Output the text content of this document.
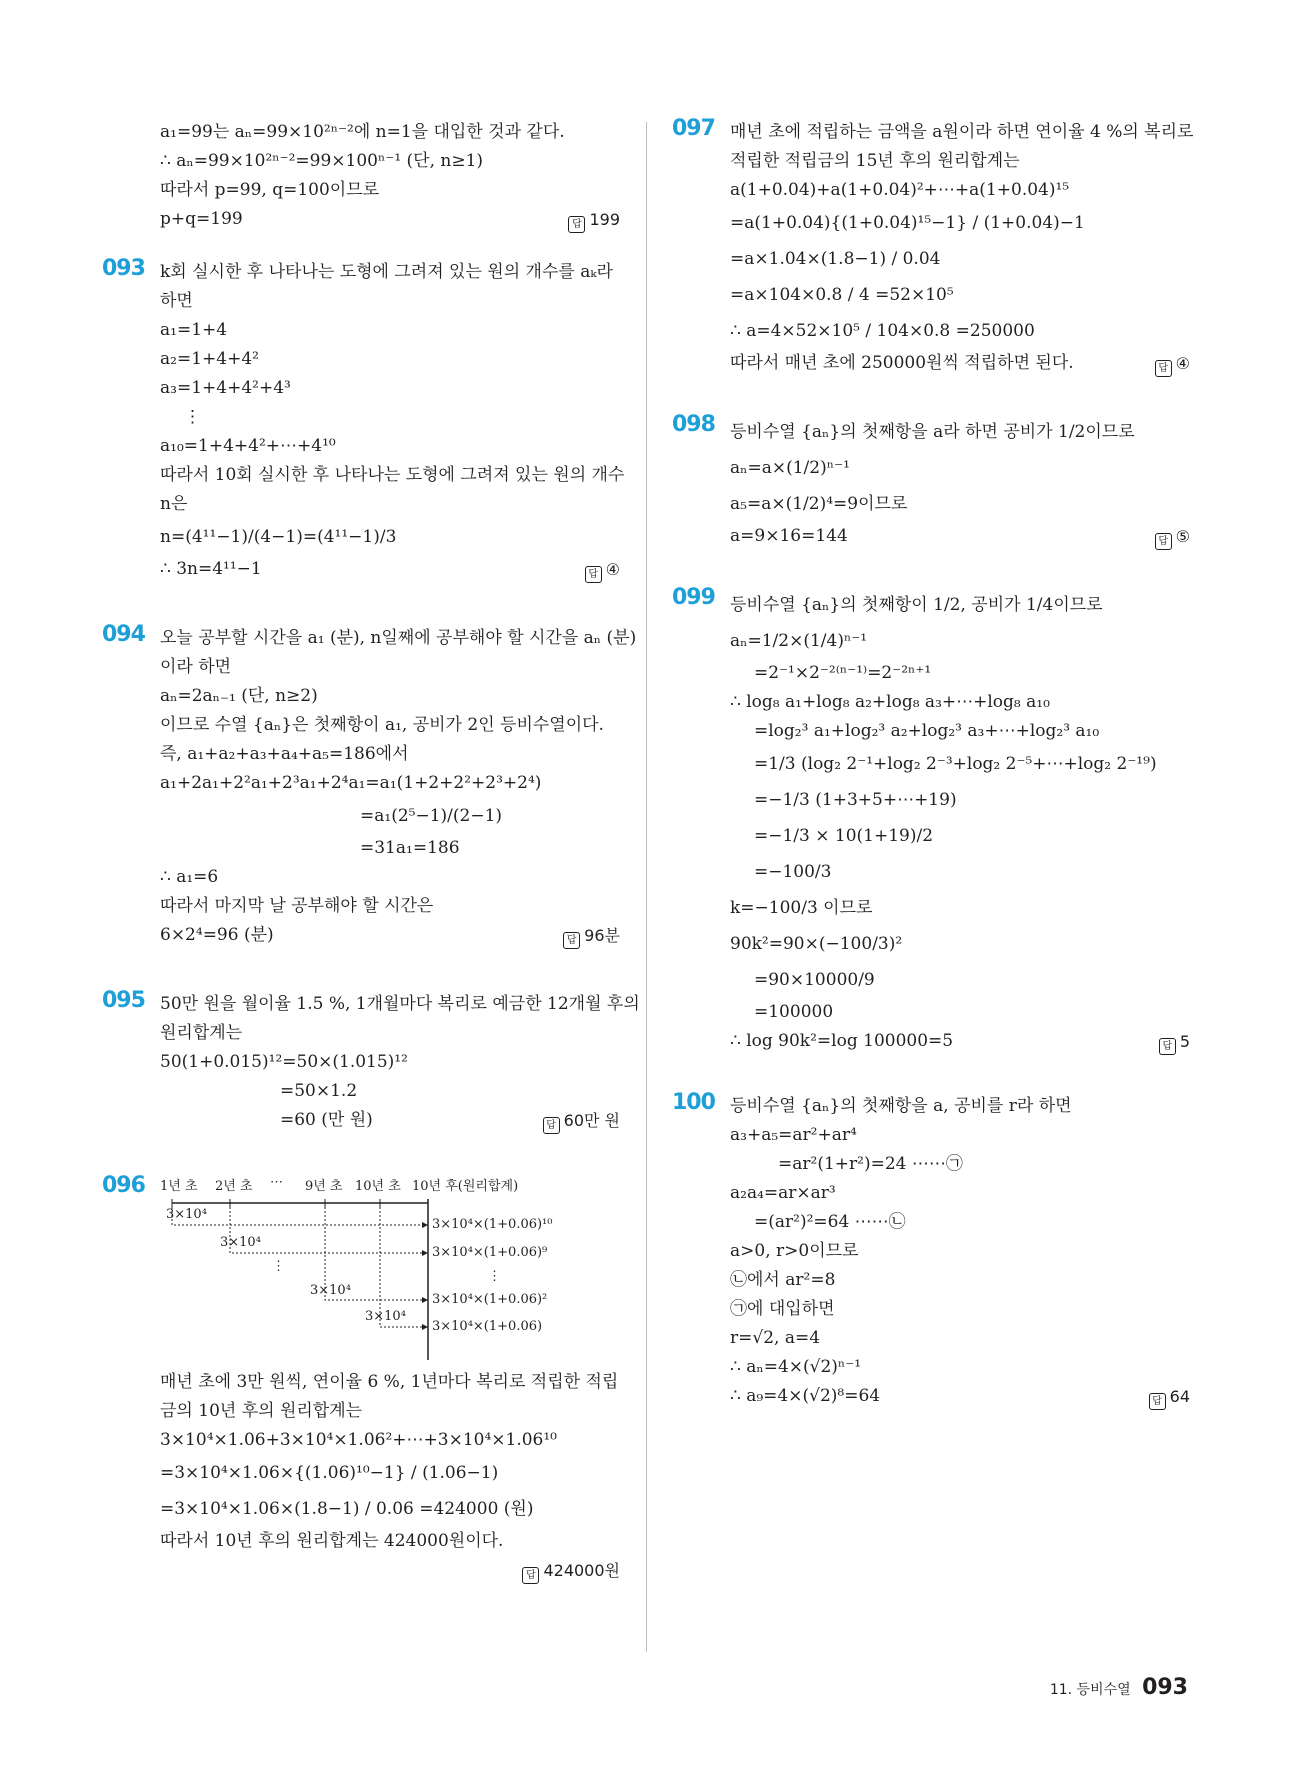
a₁=99는 aₙ=99×10²ⁿ⁻²에 n=1을 대입한 것과 같다.
∴ aₙ=99×10²ⁿ⁻²=99×100ⁿ⁻¹ (단, n≥1)
따라서 p=99, q=100이므로
p+q=199	답 199
093 k회 실시한 후 나타나는 도형에 그려져 있는 원의 개수를 aₖ라
하면
a₁=1+4
a₂=1+4+4²
a₃=1+4+4²+4³
⋮
a₁₀=1+4+4²+⋯+4¹⁰
따라서 10회 실시한 후 나타나는 도형에 그려져 있는 원의 개수
n은
n=(4¹¹−1)/(4−1)=(4¹¹−1)/3
∴ 3n=4¹¹−1	답 ④
094 오늘 공부할 시간을 a₁ (분), n일째에 공부해야 할 시간을 aₙ (분)
이라 하면
aₙ=2aₙ₋₁ (단, n≥2)
이므로 수열 {aₙ}은 첫째항이 a₁, 공비가 2인 등비수열이다.
즉, a₁+a₂+a₃+a₄+a₅=186에서
a₁+2a₁+2²a₁+2³a₁+2⁴a₁=a₁(1+2+2²+2³+2⁴)
=a₁(2⁵−1)/(2−1)
=31a₁=186
∴ a₁=6
따라서 마지막 날 공부해야 할 시간은
6×2⁴=96 (분)	답 96분
095 50만 원을 월이율 1.5 %, 1개월마다 복리로 예금한 12개월 후의
원리합계는
50(1+0.015)¹²=50×(1.015)¹²
=50×1.2
=60 (만 원)	답 60만 원
096 1년 초 2년 초 ⋯ 9년 초 10년 초 10년 후(원리합계)
3×10⁴
3×10⁴
⋮
3×10⁴
3×10⁴
3×10⁴×(1+0.06)¹⁰
3×10⁴×(1+0.06)⁹
⋮
3×10⁴×(1+0.06)²
3×10⁴×(1+0.06)
매년 초에 3만 원씩, 연이율 6 %, 1년마다 복리로 적립한 적립
금의 10년 후의 원리합계는
3×10⁴×1.06+3×10⁴×1.06²+⋯+3×10⁴×1.06¹⁰
=3×10⁴×1.06×{(1.06)¹⁰−1} / (1.06−1)
=3×10⁴×1.06×(1.8−1) / 0.06 =424000 (원)
따라서 10년 후의 원리합계는 424000원이다.
답 424000원
097 매년 초에 적립하는 금액을 a원이라 하면 연이율 4 %의 복리로
적립한 적립금의 15년 후의 원리합계는
a(1+0.04)+a(1+0.04)²+⋯+a(1+0.04)¹⁵
=a(1+0.04){(1+0.04)¹⁵−1} / (1+0.04)−1
=a×1.04×(1.8−1) / 0.04
=a×104×0.8 / 4 =52×10⁵
∴ a=4×52×10⁵ / 104×0.8 =250000
따라서 매년 초에 250000원씩 적립하면 된다.	답 ④
098 등비수열 {aₙ}의 첫째항을 a라 하면 공비가 1/2이므로
aₙ=a×(1/2)ⁿ⁻¹
a₅=a×(1/2)⁴=9이므로
a=9×16=144	답 ⑤
099 등비수열 {aₙ}의 첫째항이 1/2, 공비가 1/4이므로
aₙ=1/2×(1/4)ⁿ⁻¹
=2⁻¹×2⁻²⁽ⁿ⁻¹⁾=2⁻²ⁿ⁺¹
∴ log₈ a₁+log₈ a₂+log₈ a₃+⋯+log₈ a₁₀
=log₂³ a₁+log₂³ a₂+log₂³ a₃+⋯+log₂³ a₁₀
=1/3 (log₂ 2⁻¹+log₂ 2⁻³+log₂ 2⁻⁵+⋯+log₂ 2⁻¹⁹)
=−1/3 (1+3+5+⋯+19)
=−1/3 × 10(1+19)/2
=−100/3
k=−100/3 이므로
90k²=90×(−100/3)²
=90×10000/9
=100000
∴ log 90k²=log 100000=5	답 5
100 등비수열 {aₙ}의 첫째항을 a, 공비를 r라 하면
a₃+a₅=ar²+ar⁴
=ar²(1+r²)=24 ⋯⋯㉠
a₂a₄=ar×ar³
=(ar²)²=64 ⋯⋯㉡
a>0, r>0이므로
㉡에서 ar²=8
㉠에 대입하면
r=√2, a=4
∴ aₙ=4×(√2)ⁿ⁻¹
∴ a₉=4×(√2)⁸=64	답 64
11. 등비수열 093
